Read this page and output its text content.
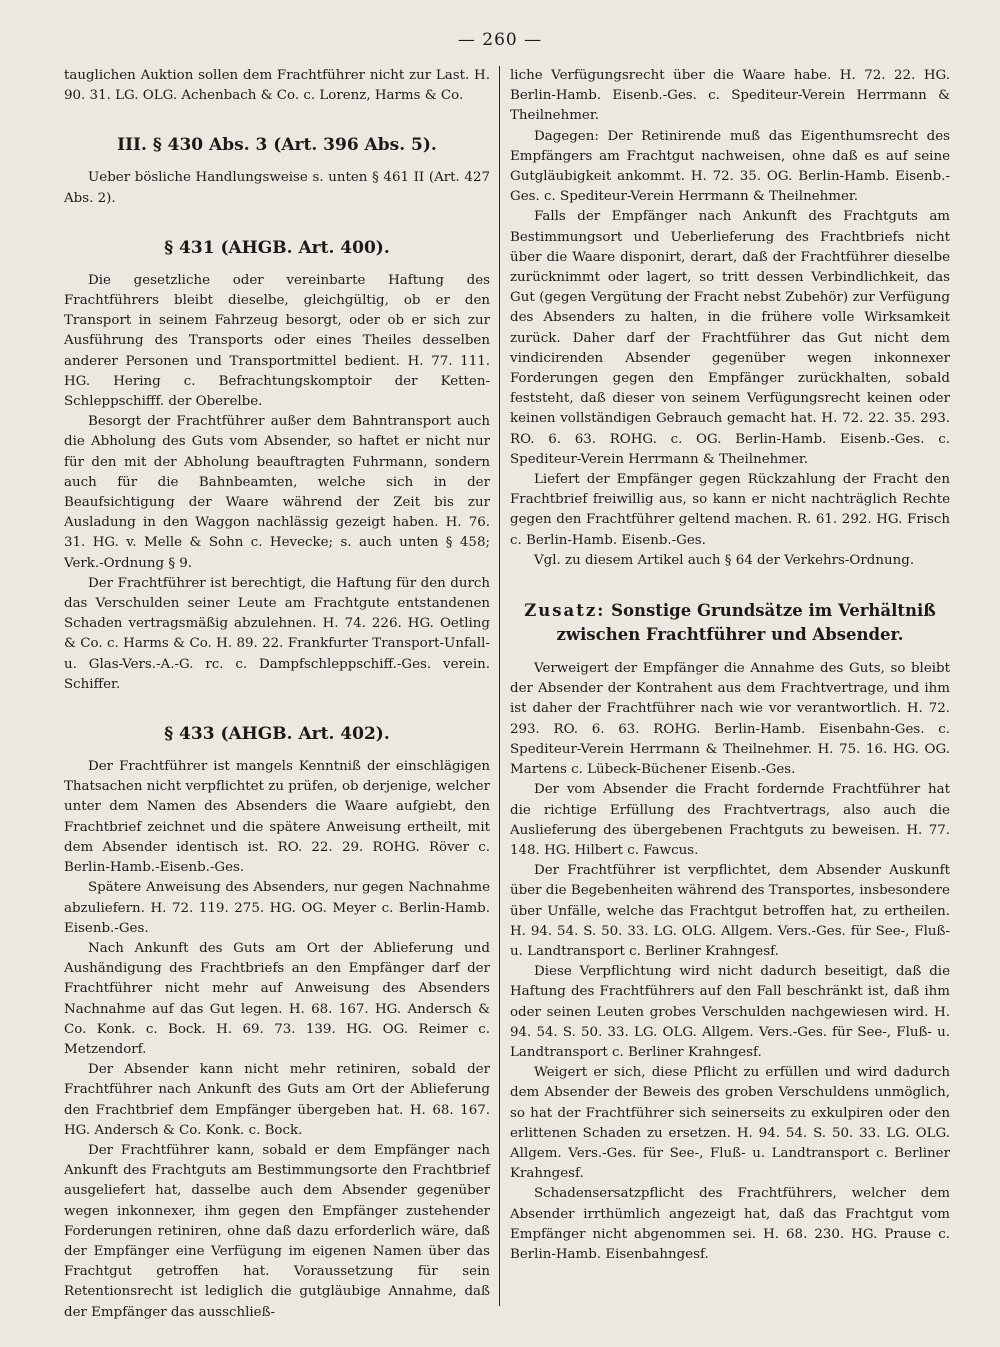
— 260 —

tauglichen Auktion sollen dem Frachtführer nicht zur Last. H. 90. 31. LG. OLG. Achenbach & Co. c. Lorenz, Harms & Co.

III. § 430 Abs. 3 (Art. 396 Abs. 5).

Ueber bösliche Handlungsweise s. unten § 461 II (Art. 427 Abs. 2).

§ 431 (AHGB. Art. 400).

Die gesetzliche oder vereinbarte Haftung des Frachtführers bleibt dieselbe, gleichgültig, ob er den Transport in seinem Fahrzeug besorgt, oder ob er sich zur Ausführung des Transports oder eines Theiles desselben anderer Personen und Transportmittel bedient. H. 77. 111. HG. Hering c. Befrachtungskomptoir der Ketten-Schleppschifff. der Oberelbe.

Besorgt der Frachtführer außer dem Bahntransport auch die Abholung des Guts vom Absender, so haftet er nicht nur für den mit der Abholung beauftragten Fuhrmann, sondern auch für die Bahnbeamten, welche sich in der Beaufsichtigung der Waare während der Zeit bis zur Ausladung in den Waggon nachlässig gezeigt haben. H. 76. 31. HG. v. Melle & Sohn c. Hevecke; s. auch unten § 458; Verk.-Ordnung § 9.

Der Frachtführer ist berechtigt, die Haftung für den durch das Verschulden seiner Leute am Frachtgute entstandenen Schaden vertragsmäßig abzulehnen. H. 74. 226. HG. Oetling & Co. c. Harms & Co. H. 89. 22. Frankfurter Transport-Unfall- u. Glas-Vers.-A.-G. rc. c. Dampfschleppschiff.-Ges. verein. Schiffer.

§ 433 (AHGB. Art. 402).

Der Frachtführer ist mangels Kenntniß der einschlägigen Thatsachen nicht verpflichtet zu prüfen, ob derjenige, welcher unter dem Namen des Absenders die Waare aufgiebt, den Frachtbrief zeichnet und die spätere Anweisung ertheilt, mit dem Absender identisch ist. RO. 22. 29. ROHG. Röver c. Berlin-Hamb.-Eisenb.-Ges.

Spätere Anweisung des Absenders, nur gegen Nachnahme abzuliefern. H. 72. 119. 275. HG. OG. Meyer c. Berlin-Hamb. Eisenb.-Ges.

Nach Ankunft des Guts am Ort der Ablieferung und Aushändigung des Frachtbriefs an den Empfänger darf der Frachtführer nicht mehr auf Anweisung des Absenders Nachnahme auf das Gut legen. H. 68. 167. HG. Andersch & Co. Konk. c. Bock. H. 69. 73. 139. HG. OG. Reimer c. Metzendorf.

Der Absender kann nicht mehr retiniren, sobald der Frachtführer nach Ankunft des Guts am Ort der Ablieferung den Frachtbrief dem Empfänger übergeben hat. H. 68. 167. HG. Andersch & Co. Konk. c. Bock.

Der Frachtführer kann, sobald er dem Empfänger nach Ankunft des Frachtguts am Bestimmungsorte den Frachtbrief ausgeliefert hat, dasselbe auch dem Absender gegenüber wegen inkonnexer, ihm gegen den Empfänger zustehender Forderungen retiniren, ohne daß dazu erforderlich wäre, daß der Empfänger eine Verfügung im eigenen Namen über das Frachtgut getroffen hat. Voraussetzung für sein Retentionsrecht ist lediglich die gutgläubige Annahme, daß der Empfänger das ausschließ-

liche Verfügungsrecht über die Waare habe. H. 72. 22. HG. Berlin-Hamb. Eisenb.-Ges. c. Spediteur-Verein Herrmann & Theilnehmer.

Dagegen: Der Retinirende muß das Eigenthumsrecht des Empfängers am Frachtgut nachweisen, ohne daß es auf seine Gutgläubigkeit ankommt. H. 72. 35. OG. Berlin-Hamb. Eisenb.-Ges. c. Spediteur-Verein Herrmann & Theilnehmer.

Falls der Empfänger nach Ankunft des Frachtguts am Bestimmungsort und Ueberlieferung des Frachtbriefs nicht über die Waare disponirt, derart, daß der Frachtführer dieselbe zurücknimmt oder lagert, so tritt dessen Verbindlichkeit, das Gut (gegen Vergütung der Fracht nebst Zubehör) zur Verfügung des Absenders zu halten, in die frühere volle Wirksamkeit zurück. Daher darf der Frachtführer das Gut nicht dem vindicirenden Absender gegenüber wegen inkonnexer Forderungen gegen den Empfänger zurückhalten, sobald feststeht, daß dieser von seinem Verfügungsrecht keinen oder keinen vollständigen Gebrauch gemacht hat. H. 72. 22. 35. 293. RO. 6. 63. ROHG. c. OG. Berlin-Hamb. Eisenb.-Ges. c. Spediteur-Verein Herrmann & Theilnehmer.

Liefert der Empfänger gegen Rückzahlung der Fracht den Frachtbrief freiwillig aus, so kann er nicht nachträglich Rechte gegen den Frachtführer geltend machen. R. 61. 292. HG. Frisch c. Berlin-Hamb. Eisenb.-Ges.

Vgl. zu diesem Artikel auch § 64 der Verkehrs-Ordnung.

Zusatz: Sonstige Grundsätze im Verhältniß zwischen Frachtführer und Absender.

Verweigert der Empfänger die Annahme des Guts, so bleibt der Absender der Kontrahent aus dem Frachtvertrage, und ihm ist daher der Frachtführer nach wie vor verantwortlich. H. 72. 293. RO. 6. 63. ROHG. Berlin-Hamb. Eisenbahn-Ges. c. Spediteur-Verein Herrmann & Theilnehmer. H. 75. 16. HG. OG. Martens c. Lübeck-Büchener Eisenb.-Ges.

Der vom Absender die Fracht fordernde Frachtführer hat die richtige Erfüllung des Frachtvertrags, also auch die Auslieferung des übergebenen Frachtguts zu beweisen. H. 77. 148. HG. Hilbert c. Fawcus.

Der Frachtführer ist verpflichtet, dem Absender Auskunft über die Begebenheiten während des Transportes, insbesondere über Unfälle, welche das Frachtgut betroffen hat, zu ertheilen. H. 94. 54. S. 50. 33. LG. OLG. Allgem. Vers.-Ges. für See-, Fluß- u. Landtransport c. Berliner Krahngesf.

Diese Verpflichtung wird nicht dadurch beseitigt, daß die Haftung des Frachtführers auf den Fall beschränkt ist, daß ihm oder seinen Leuten grobes Verschulden nachgewiesen wird. H. 94. 54. S. 50. 33. LG. OLG. Allgem. Vers.-Ges. für See-, Fluß- u. Landtransport c. Berliner Krahngesf.

Weigert er sich, diese Pflicht zu erfüllen und wird dadurch dem Absender der Beweis des groben Verschuldens unmöglich, so hat der Frachtführer sich seinerseits zu exkulpiren oder den erlittenen Schaden zu ersetzen. H. 94. 54. S. 50. 33. LG. OLG. Allgem. Vers.-Ges. für See-, Fluß- u. Landtransport c. Berliner Krahngesf.

Schadensersatzpflicht des Frachtführers, welcher dem Absender irrthümlich angezeigt hat, daß das Frachtgut vom Empfänger nicht abgenommen sei. H. 68. 230. HG. Prause c. Berlin-Hamb. Eisenbahngesf.
